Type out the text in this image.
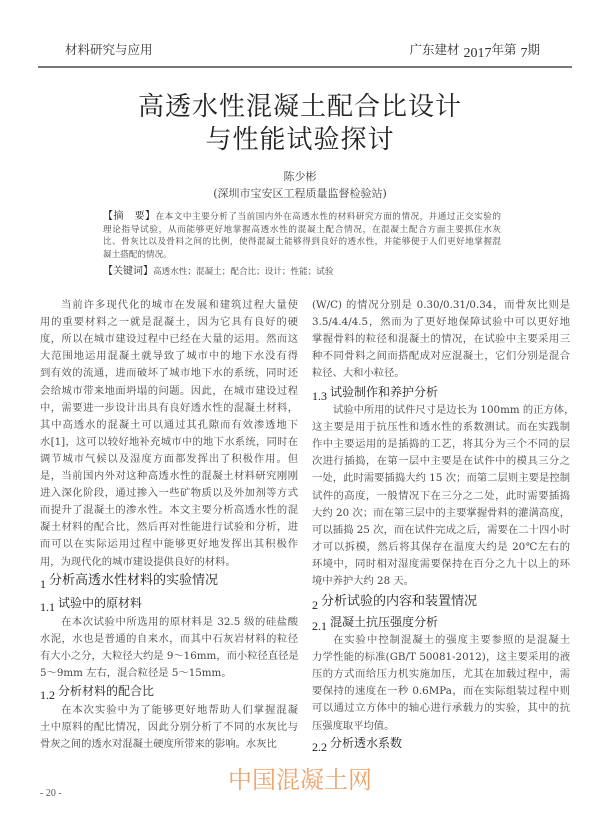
材料研究与应用	广东建材 2017年第 7期
高透水性混凝土配合比设计
与性能试验探讨
陈少彬
(深圳市宝安区工程质量监督检验站)
【摘　要】在本文中主要分析了当前国内外在高透水性的材料研究方面的情况，并通过正交实验的
理论指导试验，从而能够更好地掌握高透水性的混凝土配合情况，在混凝土配合方面主要抓住水灰
比、骨灰比以及骨料之间的比例，使得混凝土能够得到良好的透水性，并能够便于人们更好地掌握混
凝土搭配的情况。
【关键词】高透水性；混凝土；配合比；设计；性能；试验
当前许多现代化的城市在发展和建筑过程大量使
用的重要材料之一就是混凝土，因为它具有良好的硬
度，所以在城市建设过程中已经在大量的运用。然而这
大范围地运用混凝土就导致了城市中的地下水没有得
到有效的流通，进而破坏了城市地下水的系统，同时还
会给城市带来地面坍塌的问题。因此，在城市建设过程
中，需要进一步设计出具有良好透水性的混凝土材料，
其中高透水的混凝土可以通过其孔隙而有效渗透地下
水[1]，这可以较好地补充城市中的地下水系统，同时在
调节城市气候以及湿度方面都发挥出了积极作用。但
是，当前国内外对这种高透水性的混凝土材料研究刚刚
进入深化阶段，通过掺入一些矿物质以及外加剂等方式
而提升了混凝土的渗水性。本文主要分析高透水性的混
凝土材料的配合比，然后再对性能进行试验和分析，进
而可以在实际运用过程中能够更好地发挥出其积极作
用，为现代化的城市建设提供良好的材料。
1 分析高透水性材料的实验情况
1.1 试验中的原材料
在本次试验中所选用的原材料是 32.5 级的硅盐酸
水泥，水也是普通的自来水，而其中石灰岩材料的粒径
有大小之分，大粒径大约是 9～16mm，而小粒径直径是
5～9mm 左右，混合粒径是 5～15mm。
1.2 分析材料的配合比
在本次实验中为了能够更好地帮助人们掌握混凝
土中原料的配比情况，因此分别分析了不同的水灰比与
骨灰之间的透水对混凝土硬度所带来的影响。水灰比
(W/C) 的情况分别是 0.30/0.31/0.34，而骨灰比则是
3.5/4.4/4.5，然而为了更好地保障试验中可以更好地
掌握骨料的粒径和混凝土的情况，在试验中主要采用三
种不同骨料之间而搭配成对应混凝土，它们分别是混合
粒径、大和小粒径。
1.3 试验制作和养护分析
试验中所用的试件尺寸是边长为 100mm 的正方体，
这主要是用于抗压性和透水性的系数测试。而在实践制
作中主要运用的是插捣的工艺，将其分为三个不同的层
次进行插捣，在第一层中主要是在试件中的模具三分之
一处，此时需要插捣大约 15 次；而第二层则主要是控制
试件的高度，一般情况下在三分之二处，此时需要插捣
大约 20 次；而在第三层中的主要掌握骨料的灌满高度，
可以插捣 25 次，而在试件完成之后，需要在二十四小时
才可以拆模，然后将其保存在温度大约是 20℃左右的
环境中，同时相对湿度需要保持在百分之九十以上的环
境中养护大约 28 天。
2 分析试验的内容和装置情况
2.1 混凝土抗压强度分析
在实验中控制混凝土的强度主要参照的是混凝土
力学性能的标准(GB/T 50081-2012)，这主要采用的液
压的方式而给压力机实施加压，尤其在加载过程中，需
要保持的速度在一秒 0.6MPa，而在实际组装过程中则
可以通过立方体中的轴心进行承载力的实验，其中的抗
压强度取平均值。
2.2 分析透水系数
中国混凝土网
- 20 -
